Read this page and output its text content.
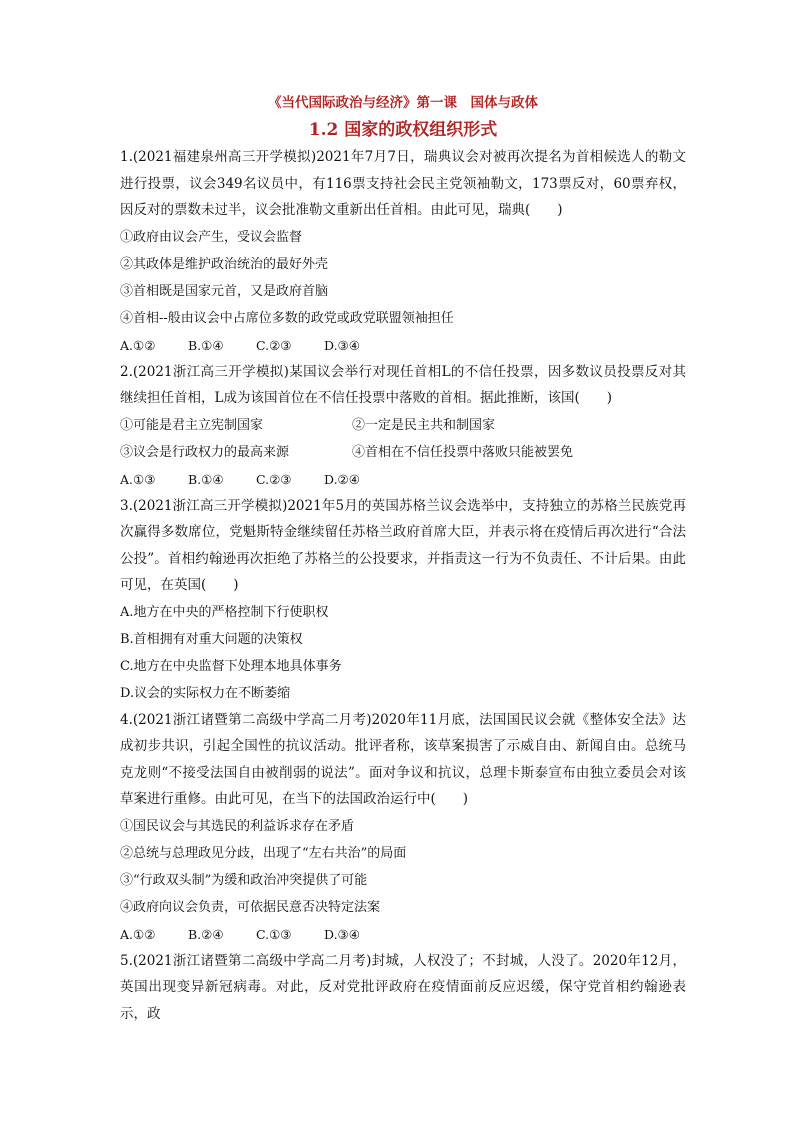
《当代国际政治与经济》第一课　国体与政体
1.2 国家的政权组织形式

1.(2021福建泉州高三开学模拟)2021年7月7日，瑞典议会对被再次提名为首相候选人的勒文进行投票，议会349名议员中，有116票支持社会民主党领袖勒文，173票反对，60票弃权，因反对的票数未过半，议会批准勒文重新出任首相。由此可见，瑞典(　　)

①政府由议会产生，受议会监督

②其政体是维护政治统治的最好外壳

③首相既是国家元首，又是政府首脑

④首相--般由议会中占席位多数的政党或政党联盟领袖担任

A.①②	B.①④	C.②③	D.③④

2.(2021浙江高三开学模拟)某国议会举行对现任首相L的不信任投票，因多数议员投票反对其继续担任首相，L成为该国首位在不信任投票中落败的首相。据此推断，该国(　　)

①可能是君主立宪制国家	②一定是民主共和制国家
③议会是行政权力的最高来源	④首相在不信任投票中落败只能被罢免
A.①③	B.①④	C.②③	D.②④

3.(2021浙江高三开学模拟)2021年5月的英国苏格兰议会选举中，支持独立的苏格兰民族党再次赢得多数席位，党魁斯特金继续留任苏格兰政府首席大臣，并表示将在疫情后再次进行“合法公投”。首相约翰逊再次拒绝了苏格兰的公投要求，并指责这一行为不负责任、不计后果。由此可见，在英国(　　)

A.地方在中央的严格控制下行使职权

B.首相拥有对重大问题的决策权

C.地方在中央监督下处理本地具体事务

D.议会的实际权力在不断萎缩

4.(2021浙江诸暨第二高级中学高二月考)2020年11月底，法国国民议会就《整体安全法》达成初步共识，引起全国性的抗议活动。批评者称，该草案损害了示威自由、新闻自由。总统马克龙则“不接受法国自由被削弱的说法”。面对争议和抗议，总理卡斯泰宣布由独立委员会对该草案进行重修。由此可见，在当下的法国政治运行中(　　)

①国民议会与其选民的利益诉求存在矛盾

②总统与总理政见分歧，出现了“左右共治”的局面

③“行政双头制”为缓和政治冲突提供了可能

④政府向议会负责，可依据民意否决特定法案

A.①②	B.②④	C.①③	D.③④

5.(2021浙江诸暨第二高级中学高二月考)封城，人权没了；不封城，人没了。2020年12月，英国出现变异新冠病毒。对此，反对党批评政府在疫情面前反应迟缓，保守党首相约翰逊表示，政
